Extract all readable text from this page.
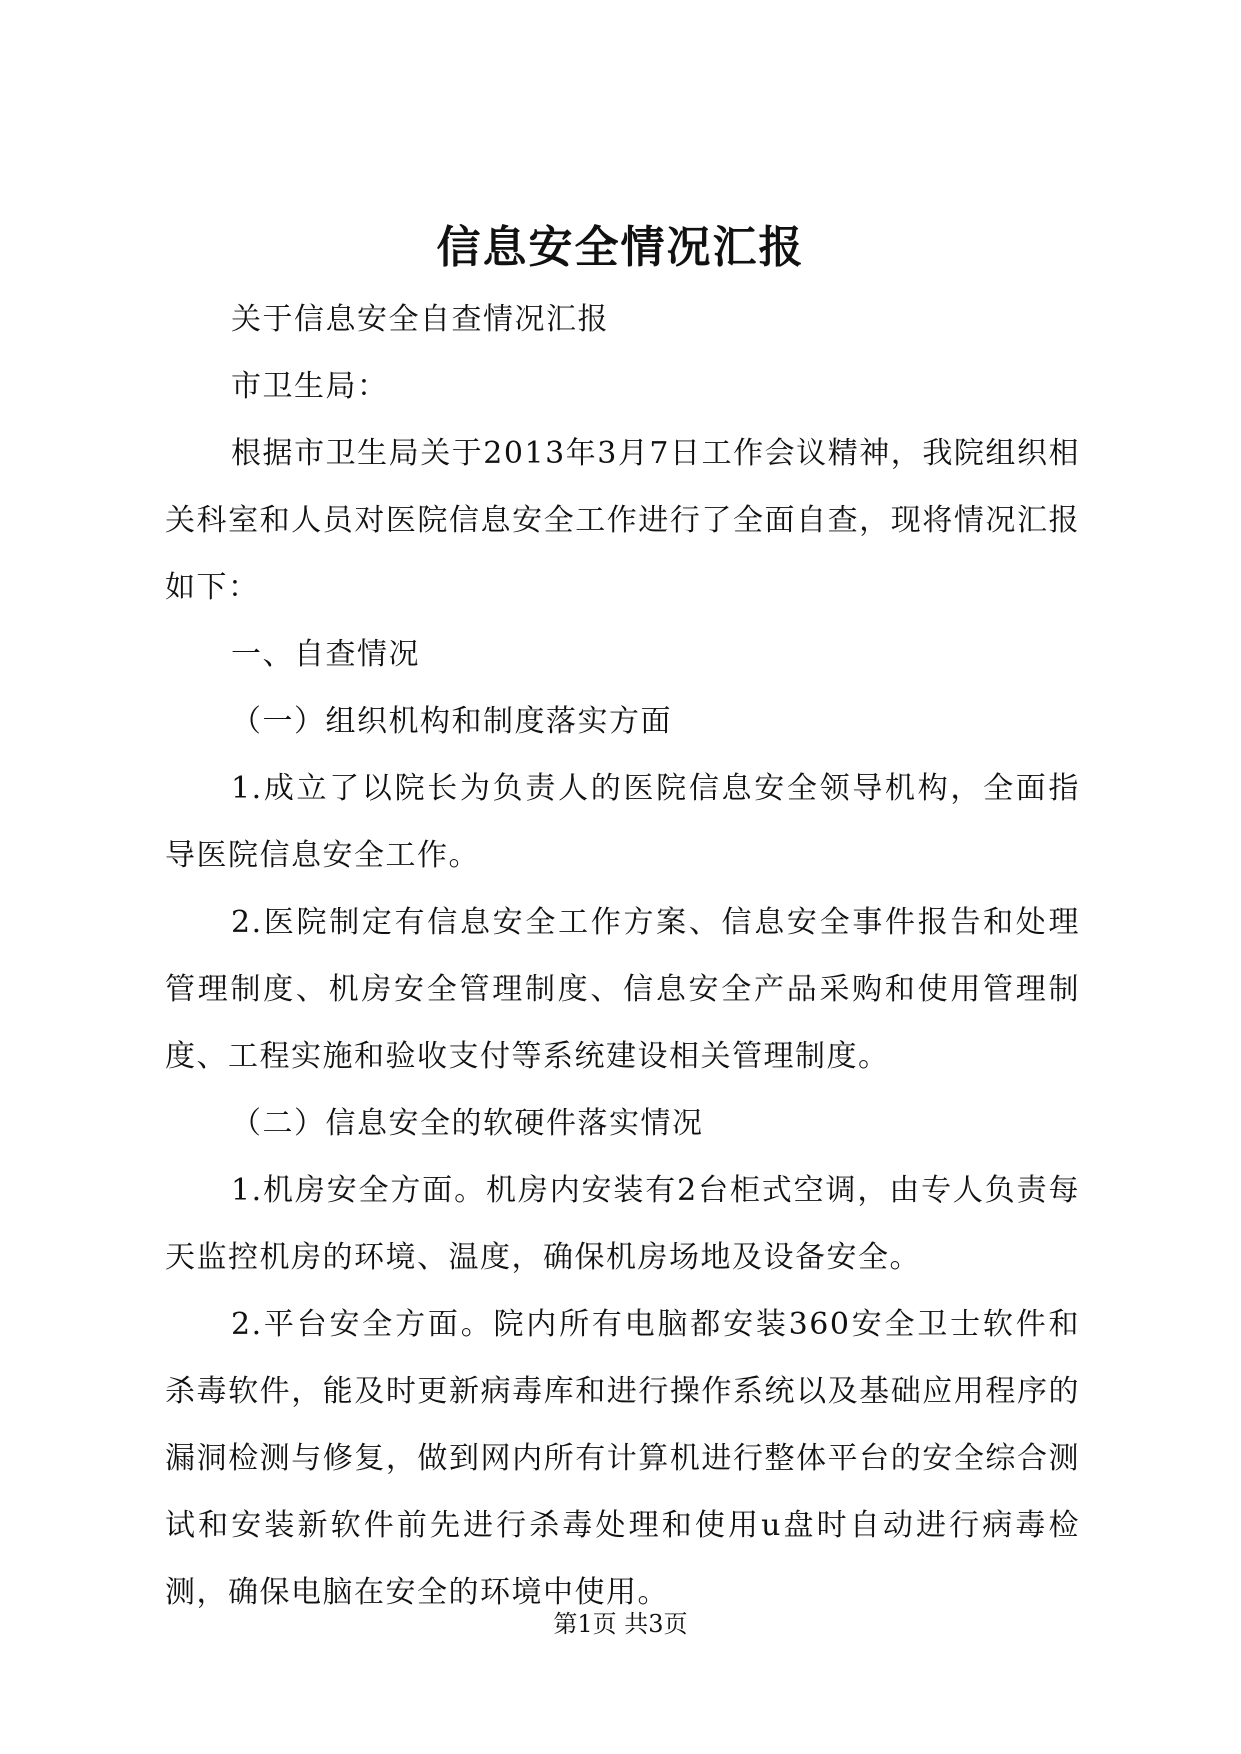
信息安全情况汇报

关于信息安全自查情况汇报

市卫生局：

根据市卫生局关于2013年3月7日工作会议精神，我院组织相关科室和人员对医院信息安全工作进行了全面自查，现将情况汇报如下：

一、自查情况

（一）组织机构和制度落实方面

1.成立了以院长为负责人的医院信息安全领导机构，全面指导医院信息安全工作。

2.医院制定有信息安全工作方案、信息安全事件报告和处理管理制度、机房安全管理制度、信息安全产品采购和使用管理制度、工程实施和验收支付等系统建设相关管理制度。

（二）信息安全的软硬件落实情况

1.机房安全方面。机房内安装有2台柜式空调，由专人负责每天监控机房的环境、温度，确保机房场地及设备安全。

2.平台安全方面。院内所有电脑都安装360安全卫士软件和杀毒软件，能及时更新病毒库和进行操作系统以及基础应用程序的漏洞检测与修复，做到网内所有计算机进行整体平台的安全综合测试和安装新软件前先进行杀毒处理和使用u盘时自动进行病毒检测，确保电脑在安全的环境中使用。

第1页 共3页
